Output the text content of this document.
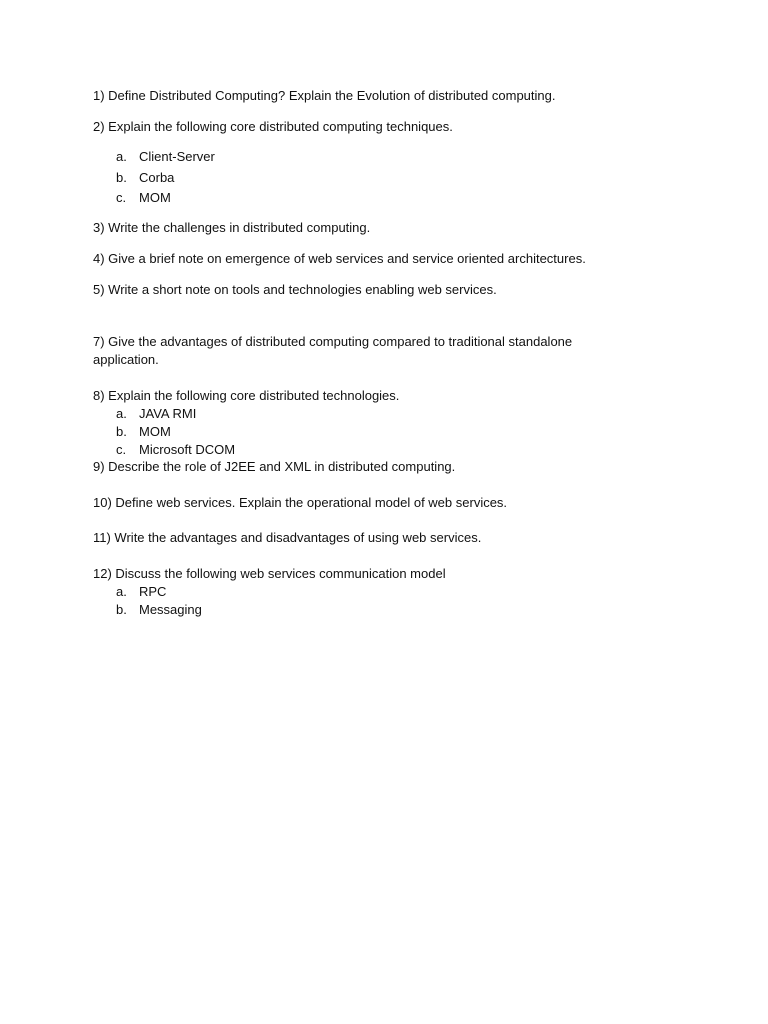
1) Define Distributed Computing? Explain the Evolution of distributed computing.
2) Explain the following core distributed computing techniques.
a. Client-Server
b. Corba
c. MOM
3) Write the challenges in distributed computing.
4) Give a brief note on emergence of web services and service oriented architectures.
5) Write a short note on tools and technologies enabling web services.
7) Give the advantages of distributed computing compared to traditional standalone
application.
8) Explain the following core distributed technologies.
a. JAVA RMI
b. MOM
c. Microsoft DCOM
9) Describe the role of J2EE and XML in distributed computing.
10) Define web services. Explain the operational model of web services.
11) Write the advantages and disadvantages of using web services.
12) Discuss the following web services communication model
a. RPC
b. Messaging
